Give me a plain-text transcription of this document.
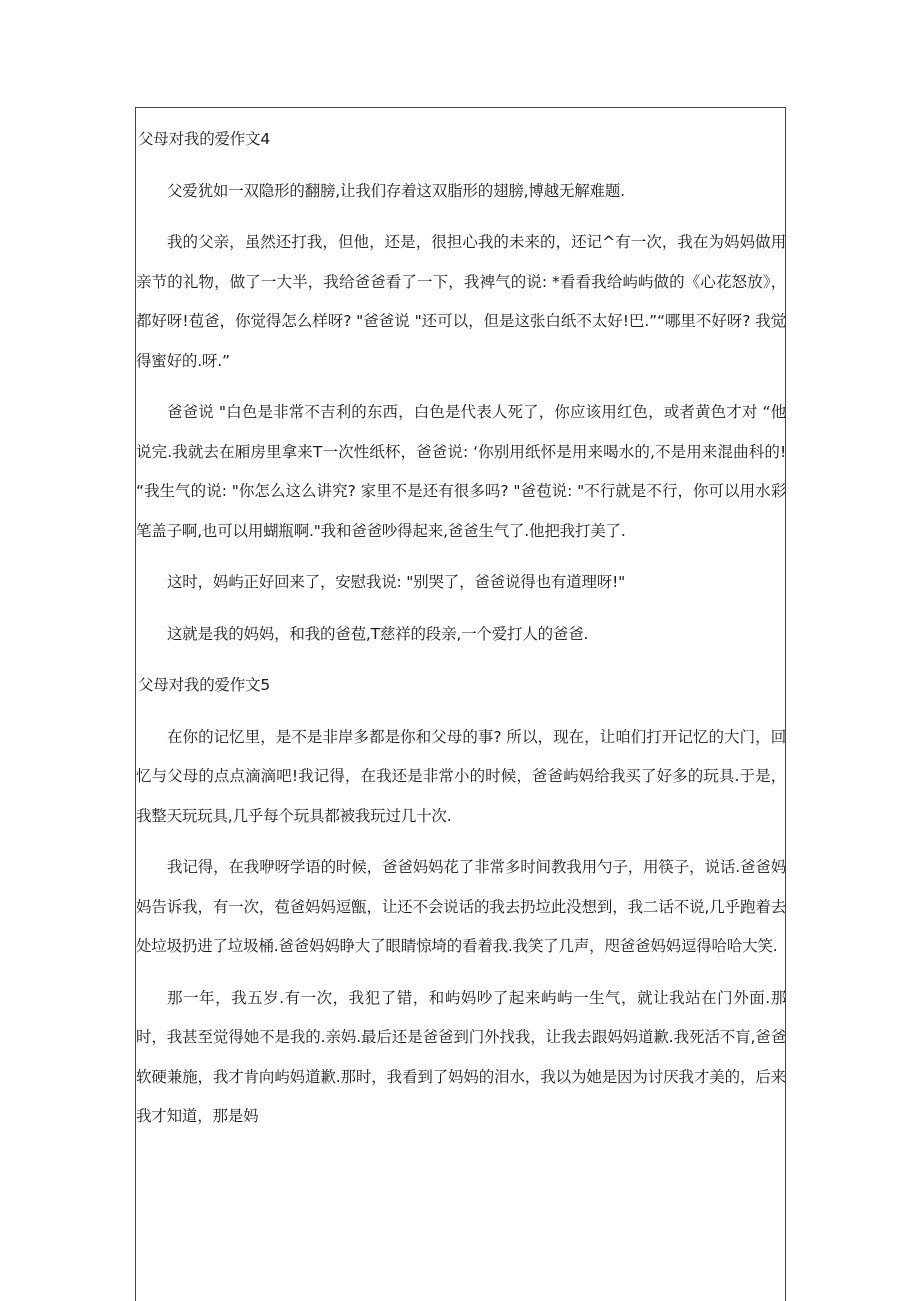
父母对我的爱作文4

父爱犹如一双隐形的翻膀,让我们存着这双脂形的翅膀,博越无解难题.

我的父亲，虽然还打我，但他，还是，很担心我的未来的，还记^有一次，我在为妈妈做用亲节的礼物，做了一大半，我给爸爸看了一下，我裨气的说: *看看我给屿屿做的《心花怒放》，都好呀!苞爸，你觉得怎么样呀? "爸爸说 "还可以，但是这张白纸不太好!巴.”“哪里不好呀? 我觉得蜜好的.呀.”

爸爸说 "白色是非常不吉利的东西，白色是代表人死了，你应该用红色，或者黄色才对 “他说完.我就去在厢房里拿来T一次性纸杯，爸爸说: ‘你别用纸怀是用来喝水的,不是用来混曲科的! “我生气的说: "你怎么这么讲究? 家里不是还有很多吗? "爸苞说: "不行就是不行，你可以用水彩笔盖子啊,也可以用蝴瓶啊."我和爸爸吵得起来,爸爸生气了.他把我打美了.

这时，妈屿正好回来了，安慰我说: "别哭了，爸爸说得也有道理呀!"

这就是我的妈妈，和我的爸苞,T慈祥的段亲,一个爱打人的爸爸.

父母对我的爱作文5

在你的记忆里，是不是非岸多都是你和父母的事? 所以，现在，让咱们打开记忆的大门，回忆与父母的点点滴滴吧!我记得，在我还是非常小的时候，爸爸屿妈给我买了好多的玩具.于是，我整天玩玩具,几乎每个玩具都被我玩过几十次.

我记得，在我咿呀学语的时候，爸爸妈妈花了非常多时间教我用勺子，用筷子，说话.爸爸妈妈告诉我，有一次，苞爸妈妈逗甑，让还不会说话的我去扔垃此没想到，我二话不说,几乎跑着去处垃圾扔进了垃圾桶.爸爸妈妈睁大了眼睛惊埼的看着我.我笑了几声，咫爸爸妈妈逗得哈哈大笑.

那一年，我五岁.有一次，我犯了错，和屿妈吵了起来屿屿一生气，就让我站在门外面.那时，我甚至觉得她不是我的.亲妈.最后还是爸爸到门外找我，让我去跟妈妈道歉.我死活不肓,爸爸软硬兼施，我才肯向屿妈道歉.那时，我看到了妈妈的泪水，我以为她是因为讨厌我才美的，后来我才知道，那是妈
